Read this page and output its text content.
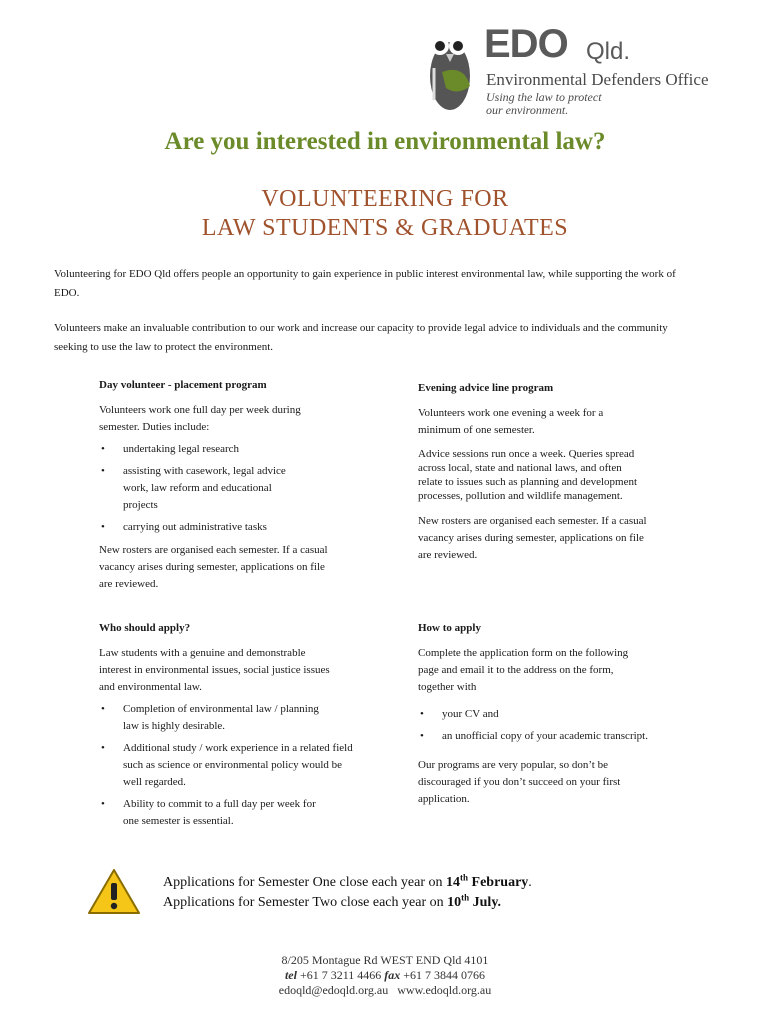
EDO Qld.
Environmental Defenders Office
Using the law to protect
our environment.
Are you interested in environmental law?
VOLUNTEERING FOR
LAW STUDENTS & GRADUATES
Volunteering for EDO Qld offers people an opportunity to gain experience in public interest environmental law, while supporting the work of EDO.
Volunteers make an invaluable contribution to our work and increase our capacity to provide legal advice to individuals and the community seeking to use the law to protect the environment.
Day volunteer - placement program
Volunteers work one full day per week during semester. Duties include:
• undertaking legal research
• assisting with casework, legal advice work, law reform and educational projects
• carrying out administrative tasks
New rosters are organised each semester. If a casual vacancy arises during semester, applications on file are reviewed.
Evening advice line program
Volunteers work one evening a week for a minimum of one semester.
Advice sessions run once a week. Queries spread across local, state and national laws, and often relate to issues such as planning and development processes, pollution and wildlife management.
New rosters are organised each semester. If a casual vacancy arises during semester, applications on file are reviewed.
Who should apply?
Law students with a genuine and demonstrable interest in environmental issues, social justice issues and environmental law.
• Completion of environmental law / planning law is highly desirable.
• Additional study / work experience in a related field such as science or environmental policy would be well regarded.
• Ability to commit to a full day per week for one semester is essential.
How to apply
Complete the application form on the following page and email it to the address on the form, together with
• your CV and
• an unofficial copy of your academic transcript.
Our programs are very popular, so don’t be discouraged if you don’t succeed on your first application.
Applications for Semester One close each year on 14th February.
Applications for Semester Two close each year on 10th July.
8/205 Montague Rd WEST END Qld 4101
tel +61 7 3211 4466 fax +61 7 3844 0766
edoqld@edoqld.org.au www.edoqld.org.au
